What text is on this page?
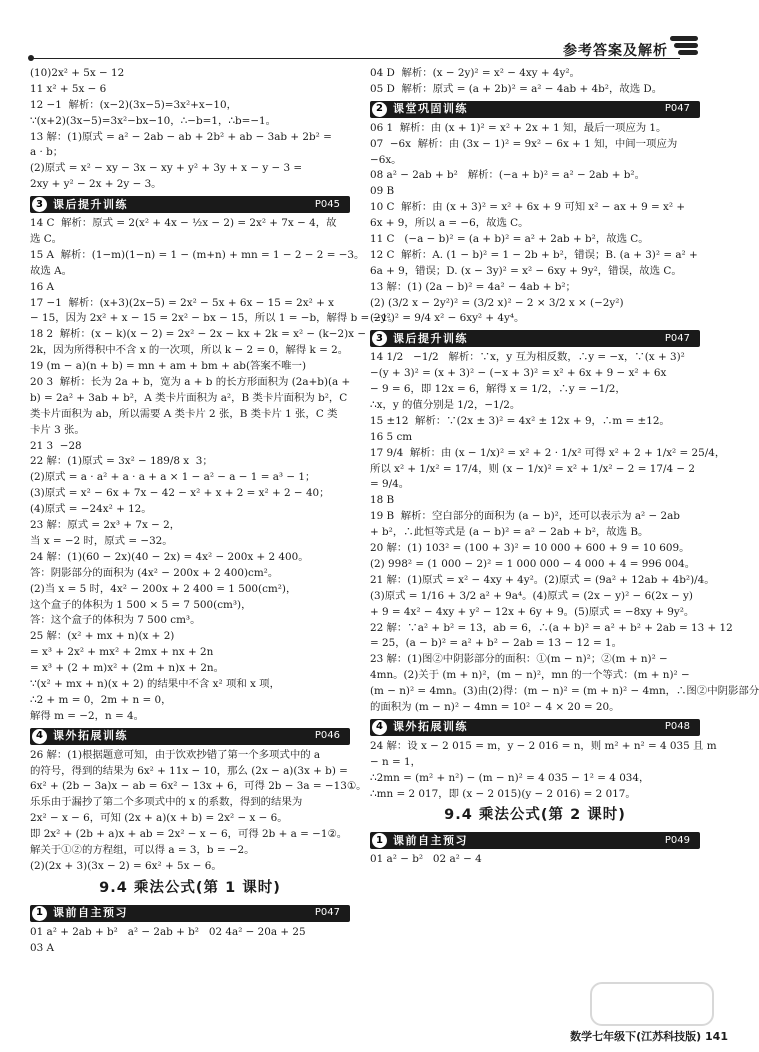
参考答案及解析
(10)2x² + 5x − 12
11 x² + 5x − 6
12 −1  解析：(x−2)(3x−5)=3x²+x−10，
∵(x+2)(3x−5)=3x²−bx−10，∴−b=1，∴b=−1。
13 解：(1)原式 = a² − 2ab − ab + 2b² + ab − 3ab + 2b² =
a · b；
(2)原式 = x² − xy − 3x − xy + y² + 3y + x − y − 3 =
2xy + y² − 2x + 2y − 3。
3 课后提升训练	P045
14 C  解析：原式 = 2(x² + 4x − ½x − 2) = 2x² + 7x − 4，故
选 C。
15 A  解析：(1−m)(1−n) = 1 − (m+n) + mn = 1 − 2 − 2 = −3。
故选 A。
16 A
17 −1  解析：(x+3)(2x−5) = 2x² − 5x + 6x − 15 = 2x² + x
− 15，因为 2x² + x − 15 = 2x² − bx − 15，所以 1 = −b，解得 b = −1。
18 2  解析：(x − k)(x − 2) = 2x² − 2x − kx + 2k = x² − (k−2)x −
2k，因为所得积中不含 x 的一次项，所以 k − 2 = 0，解得 k = 2。
19 (m − a)(n + b) = mn + am + bm + ab(答案不唯一)
20 3  解析：长为 2a + b，宽为 a + b 的长方形面积为 (2a+b)(a +
b) = 2a² + 3ab + b²，A 类卡片面积为 a²，B 类卡片面积为 b²，C
类卡片面积为 ab，所以需要 A 类卡片 2 张，B 类卡片 1 张，C 类
卡片 3 张。
21 3  −28
22 解：(1)原式 = 3x² − 189/8 x  3；
(2)原式 = a · a² + a · a + a × 1 − a² − a − 1 = a³ − 1；
(3)原式 = x² − 6x + 7x − 42 − x² + x + 2 = x² + 2 − 40；
(4)原式 = −24x² + 12。
23 解：原式 = 2x³ + 7x − 2，
当 x = −2 时，原式 = −32。
24 解：(1)(60 − 2x)(40 − 2x) = 4x² − 200x + 2 400。
答：阴影部分的面积为 (4x² − 200x + 2 400)cm²。
(2)当 x = 5 时，4x² − 200x + 2 400 = 1 500(cm²)，
这个盒子的体积为 1 500 × 5 = 7 500(cm³)，
答：这个盒子的体积为 7 500 cm³。
25 解：(x² + mx + n)(x + 2)
= x³ + 2x² + mx² + 2mx + nx + 2n
= x³ + (2 + m)x² + (2m + n)x + 2n。
∵(x² + mx + n)(x + 2) 的结果中不含 x² 项和 x 项，
∴2 + m = 0，2m + n = 0，
解得 m = −2，n = 4。
4 课外拓展训练	P046
26 解：(1)根据题意可知，由于饮欢抄错了第一个多项式中的 a
的符号，得到的结果为 6x² + 11x − 10，那么 (2x − a)(3x + b) =
6x² + (2b − 3a)x − ab = 6x² − 13x + 6，可得 2b − 3a = −13①。
乐乐由于漏抄了第二个多项式中的 x 的系数，得到的结果为
2x² − x − 6，可知 (2x + a)(x + b) = 2x² − x − 6。
即 2x² + (2b + a)x + ab = 2x² − x − 6，可得 2b + a = −1②。
解关于①②的方程组，可以得 a = 3，b = −2。
(2)(2x + 3)(3x − 2) = 6x² + 5x − 6。
9.4 乘法公式(第 1 课时)
1 课前自主预习	P047
01 a² + 2ab + b²   a² − 2ab + b²   02 4a² − 20a + 25
03 A
04 D  解析：(x − 2y)² = x² − 4xy + 4y²。
05 D  解析：原式 = (a + 2b)² = a² − 4ab + 4b²，故选 D。
2 课堂巩固训练	P047
06 1  解析：由 (x + 1)² = x² + 2x + 1 知，最后一项应为 1。
07  −6x  解析：由 (3x − 1)² = 9x² − 6x + 1 知，中间一项应为
−6x。
08 a² − 2ab + b²   解析：(−a + b)² = a² − 2ab + b²。
09 B
10 C  解析：由 (x + 3)² = x² + 6x + 9 可知 x² − ax + 9 = x² +
6x + 9，所以 a = −6，故选 C。
11 C   (−a − b)² = (a + b)² = a² + 2ab + b²，故选 C。
12 C  解析：A. (1 − b)² = 1 − 2b + b²，错误；B. (a + 3)² = a² +
6a + 9，错误；D. (x − 3y)² = x² − 6xy + 9y²，错误，故选 C。
13 解：(1) (2a − b)² = 4a² − 4ab + b²；
(2) (3/2 x − 2y²)² = (3/2 x)² − 2 × 3/2 x × (−2y²)
(2y²)² = 9/4 x² − 6xy² + 4y⁴。
3 课后提升训练	P047
14 1/2   −1/2   解析：∵x，y 互为相反数，∴y = −x，∵(x + 3)²
−(y + 3)² = (x + 3)² − (−x + 3)² = x² + 6x + 9 − x² + 6x
− 9 = 6，即 12x = 6，解得 x = 1/2，∴y = −1/2，
∴x，y 的值分别是 1/2，−1/2。
15 ±12  解析：∵(2x ± 3)² = 4x² ± 12x + 9，∴m = ±12。
16 5 cm
17 9/4  解析：由 (x − 1/x)² = x² + 2 · 1/x² 可得 x² + 2 + 1/x² = 25/4，
所以 x² + 1/x² = 17/4，则 (x − 1/x)² = x² + 1/x² − 2 = 17/4 − 2
= 9/4。
18 B
19 B  解析：空白部分的面积为 (a − b)²，还可以表示为 a² − 2ab
+ b²，∴此恒等式是 (a − b)² = a² − 2ab + b²，故选 B。
20 解：(1) 103² = (100 + 3)² = 10 000 + 600 + 9 = 10 609。
(2) 998² = (1 000 − 2)² = 1 000 000 − 4 000 + 4 = 996 004。
21 解：(1)原式 = x² − 4xy + 4y²。(2)原式 = (9a² + 12ab + 4b²)/4。
(3)原式 = 1/16 + 3/2 a² + 9a⁴。(4)原式 = (2x − y)² − 6(2x − y)
+ 9 = 4x² − 4xy + y² − 12x + 6y + 9。(5)原式 = −8xy + 9y²。
22 解：∵a² + b² = 13，ab = 6，∴(a + b)² = a² + b² + 2ab = 13 + 12
= 25，(a − b)² = a² + b² − 2ab = 13 − 12 = 1。
23 解：(1)图②中阴影部分的面积：①(m − n)²；②(m + n)² −
4mn。(2)关于 (m + n)²，(m − n)²，mn 的一个等式：(m + n)² −
(m − n)² = 4mn。(3)由(2)得：(m − n)² = (m + n)² − 4mn，∴图②中阴影部分
的面积为 (m − n)² − 4mn = 10² − 4 × 20 = 20。
4 课外拓展训练	P048
24 解：设 x − 2 015 = m，y − 2 016 = n，则 m² + n² = 4 035 且 m
− n = 1，
∴2mn = (m² + n²) − (m − n)² = 4 035 − 1² = 4 034，
∴mn = 2 017，即 (x − 2 015)(y − 2 016) = 2 017。
9.4 乘法公式(第 2 课时)
1 课前自主预习	P049
01 a² − b²   02 a² − 4
数学七年级下(江苏科技版) 141
